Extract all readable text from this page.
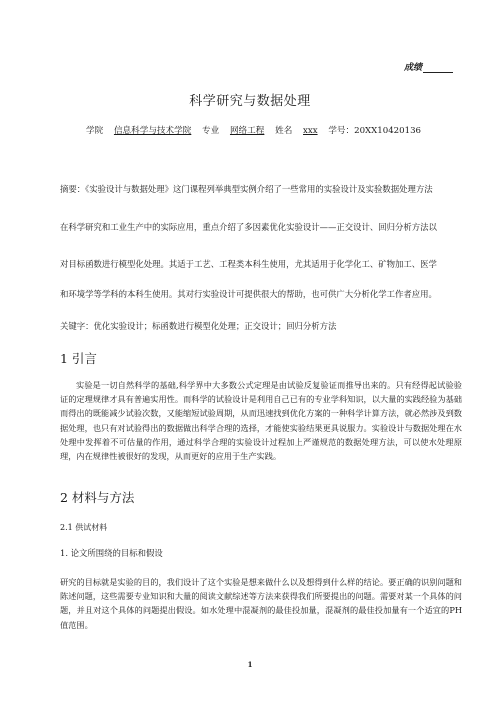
成绩
科学研究与数据处理
学院 信息科学与技术学院 专业 网络工程 姓名 xxx 学号：20XX10420136
摘要：《实验设计与数据处理》这门课程列举典型实例介绍了一些常用的实验设计及实验数据处理方法
在科学研究和工业生产中的实际应用，重点介绍了多因素优化实验设计——正交设计、回归分析方法以
对目标函数进行模型化处理。其适于工艺、工程类本科生使用，尤其适用于化学化工、矿物加工、医学
和环境学等学科的本科生使用。其对行实验设计可提供很大的帮助，也可供广大分析化学工作者应用。
关键字：优化实验设计；标函数进行模型化处理；正交设计；回归分析方法
1 引言
实验是一切自然科学的基础,科学界中大多数公式定理是由试验反复验证而推导出来的。只有经得起试验验证的定理规律才具有普遍实用性。而科学的试验设计是利用自己已有的专业学科知识，以大量的实践经验为基础而得出的既能减少试验次数，又能缩短试验周期，从而迅速找到优化方案的一种科学计算方法，就必然涉及到数据处理，也只有对试验得出的数据做出科学合理的选择，才能使实验结果更具说服力。实验设计与数据处理在水处理中发挥着不可估量的作用，通过科学合理的实验设计过程加上严谨规范的数据处理方法，可以使水处理原理，内在规律性被很好的发现，从而更好的应用于生产实践。
2 材料与方法
2.1 供试材料
1. 论文所围绕的目标和假设
研究的目标就是实验的目的，我们设计了这个实验是想来做什么以及想得到什么样的结论。要正确的识别问题和陈述问题，这些需要专业知识和大量的阅读文献综述等方法来获得我们所要提出的问题。需要对某一个具体的问题，并且对这个具体的问题提出假设。如水处理中混凝剂的最佳投加量，混凝剂的最佳投加量有一个适宜的PH值范围。
1
